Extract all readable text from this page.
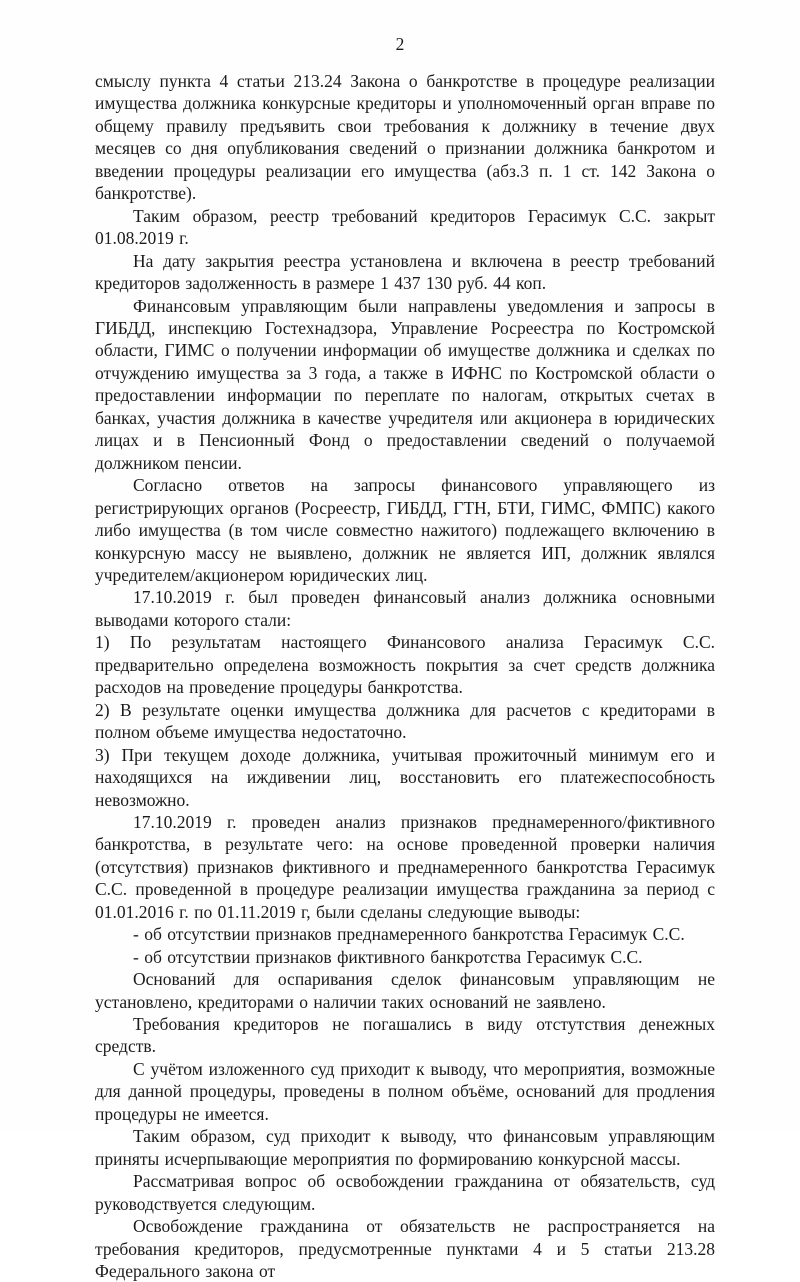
2

смыслу пункта 4 статьи 213.24 Закона о банкротстве в процедуре реализации имущества должника конкурсные кредиторы и уполномоченный орган вправе по общему правилу предъявить свои требования к должнику в течение двух месяцев со дня опубликования сведений о признании должника банкротом и введении процедуры реализации его имущества (абз.3 п. 1 ст. 142 Закона о банкротстве).

Таким образом, реестр требований кредиторов Герасимук С.С. закрыт 01.08.2019 г.

На дату закрытия реестра установлена и включена в реестр требований кредиторов задолженность в размере 1 437 130 руб. 44 коп.

Финансовым управляющим были направлены уведомления и запросы в ГИБДД, инспекцию Гостехнадзора, Управление Росреестра по Костромской области, ГИМС о получении информации об имуществе должника и сделках по отчуждению имущества за 3 года, а также в ИФНС по Костромской области о предоставлении информации по переплате по налогам, открытых счетах в банках, участия должника в качестве учредителя или акционера в юридических лицах и в Пенсионный Фонд о предоставлении сведений о получаемой должником пенсии.

Согласно ответов на запросы финансового управляющего из регистрирующих органов (Росреестр, ГИБДД, ГТН, БТИ, ГИМС, ФМПС) какого либо имущества (в том числе совместно нажитого) подлежащего включению в конкурсную массу не выявлено, должник не является ИП, должник являлся учредителем/акционером юридических лиц.

17.10.2019 г. был проведен финансовый анализ должника основными выводами которого стали:

1) По результатам настоящего Финансового анализа Герасимук С.С. предварительно определена возможность покрытия за счет средств должника расходов на проведение процедуры банкротства.

2) В результате оценки имущества должника для расчетов с кредиторами в полном объеме имущества недостаточно.

3) При текущем доходе должника, учитывая прожиточный минимум его и находящихся на иждивении лиц, восстановить его платежеспособность невозможно.

17.10.2019 г. проведен анализ признаков преднамеренного/фиктивного банкротства, в результате чего: на основе проведенной проверки наличия (отсутствия) признаков фиктивного и преднамеренного банкротства Герасимук С.С. проведенной в процедуре реализации имущества гражданина за период с 01.01.2016 г. по 01.11.2019 г, были сделаны следующие выводы:

- об отсутствии признаков преднамеренного банкротства Герасимук С.С.

- об отсутствии признаков фиктивного банкротства Герасимук С.С.

Оснований для оспаривания сделок финансовым управляющим не установлено, кредиторами о наличии таких оснований не заявлено.

Требования кредиторов не погашались в виду отстутствия денежных средств.

С учётом изложенного суд приходит к выводу, что мероприятия, возможные для данной процедуры, проведены в полном объёме, оснований для продления процедуры не имеется.

Таким образом, суд приходит к выводу, что финансовым управляющим приняты исчерпывающие мероприятия по формированию конкурсной массы.

Рассматривая вопрос об освобождении гражданина от обязательств, суд руководствуется следующим.

Освобождение гражданина от обязательств не распространяется на требования кредиторов, предусмотренные пунктами 4 и 5 статьи 213.28 Федерального закона от
